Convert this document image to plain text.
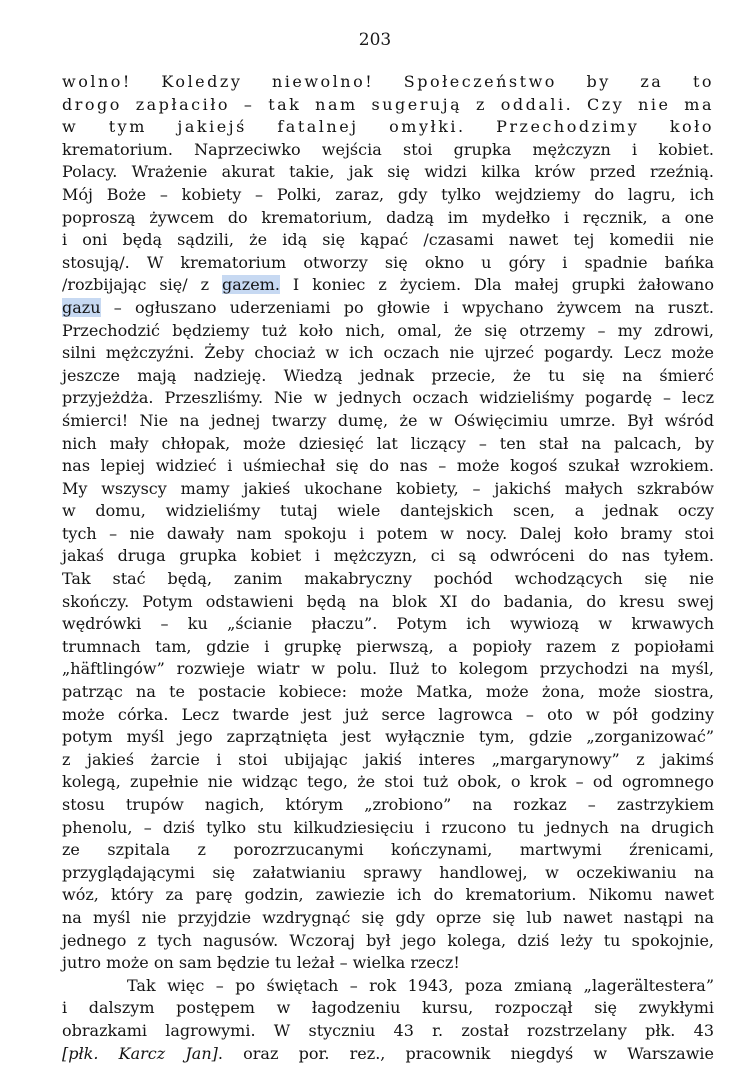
203
wolno! Koledzy niewolno! Społeczeństwo by za to
drogo zapłaciło – tak nam sugerują z oddali. Czy nie ma
w tym jakiejś fatalnej omyłki. Przechodzimy koło
krematorium. Naprzeciwko wejścia stoi grupka mężczyzn i kobiet.
Polacy. Wrażenie akurat takie, jak się widzi kilka krów przed rzeźnią.
Mój Boże – kobiety – Polki, zaraz, gdy tylko wejdziemy do lagru, ich
poproszą żywcem do krematorium, dadzą im mydełko i ręcznik, a one
i oni będą sądzili, że idą się kąpać /czasami nawet tej komedii nie
stosują/. W krematorium otworzy się okno u góry i spadnie bańka
/rozbijając się/ z gazem. I koniec z życiem. Dla małej grupki żałowano
gazu – ogłuszano uderzeniami po głowie i wpychano żywcem na ruszt.
Przechodzić będziemy tuż koło nich, omal, że się otrzemy – my zdrowi,
silni mężczyźni. Żeby chociaż w ich oczach nie ujrzeć pogardy. Lecz może
jeszcze mają nadzieję. Wiedzą jednak przecie, że tu się na śmierć
przyjeżdża. Przeszliśmy. Nie w jednych oczach widzieliśmy pogardę – lecz
śmierci! Nie na jednej twarzy dumę, że w Oświęcimiu umrze. Był wśród
nich mały chłopak, może dziesięć lat liczący – ten stał na palcach, by
nas lepiej widzieć i uśmiechał się do nas – może kogoś szukał wzrokiem.
My wszyscy mamy jakieś ukochane kobiety, – jakichś małych szkrabów
w domu, widzieliśmy tutaj wiele dantejskich scen, a jednak oczy
tych – nie dawały nam spokoju i potem w nocy. Dalej koło bramy stoi
jakaś druga grupka kobiet i mężczyzn, ci są odwróceni do nas tyłem.
Tak stać będą, zanim makabryczny pochód wchodzących się nie
skończy. Potym odstawieni będą na blok XI do badania, do kresu swej
wędrówki – ku „ścianie płaczu”. Potym ich wywiozą w krwawych
trumnach tam, gdzie i grupkę pierwszą, a popioły razem z popiołami
„häftlingów” rozwieje wiatr w polu. Iluż to kolegom przychodzi na myśl,
patrząc na te postacie kobiece: może Matka, może żona, może siostra,
może córka. Lecz twarde jest już serce lagrowca – oto w pół godziny
potym myśl jego zaprzątnięta jest wyłącznie tym, gdzie „zorganizować”
z jakieś żarcie i stoi ubijając jakiś interes „margarynowy” z jakimś
kolegą, zupełnie nie widząc tego, że stoi tuż obok, o krok – od ogromnego
stosu trupów nagich, którym „zrobiono” na rozkaz – zastrzykiem
phenolu, – dziś tylko stu kilkudziesięciu i rzucono tu jednych na drugich
ze szpitala z porozrzucanymi kończynami, martwymi źrenicami,
przyglądającymi się załatwianiu sprawy handlowej, w oczekiwaniu na
wóz, który za parę godzin, zawiezie ich do krematorium. Nikomu nawet
na myśl nie przyjdzie wzdrygnąć się gdy oprze się lub nawet nastąpi na
jednego z tych nagusów. Wczoraj był jego kolega, dziś leży tu spokojnie,
jutro może on sam będzie tu leżał – wielka rzecz!
Tak więc – po świętach – rok 1943, poza zmianą „lagerältestera”
i dalszym postępem w łagodzeniu kursu, rozpoczął się zwykłymi
obrazkami lagrowymi. W styczniu 43 r. został rozstrzelany płk. 43
[płk. Karcz Jan]. oraz por. rez., pracownik niegdyś w Warszawie
